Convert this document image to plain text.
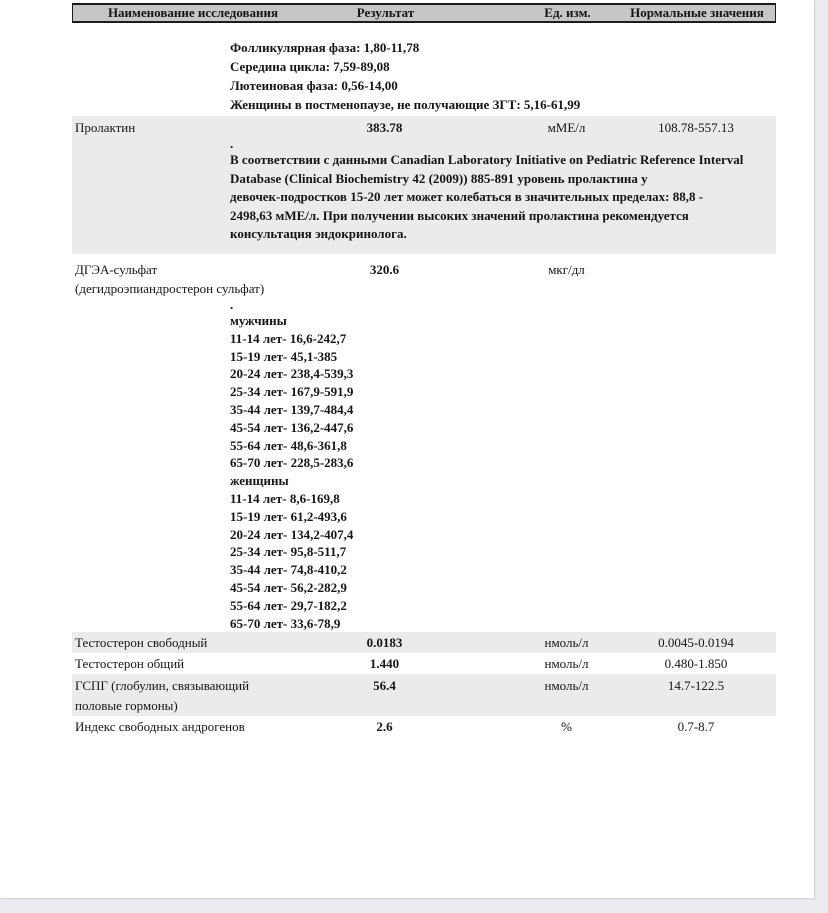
Наименование исследования	Результат	Ед. изм.	Нормальные значения
Фолликулярная фаза: 1,80-11,78
Середина цикла: 7,59-89,08
Лютеиновая фаза: 0,56-14,00
Женщины в постменопаузе, не получающие ЗГТ: 5,16-61,99
Пролактин	383.78	мМЕ/л	108.78-557.13
.
В соответствии с данными Canadian Laboratory Initiative on Pediatric Reference Interval
Database (Clinical Biochemistry 42 (2009)) 885-891 уровень пролактина у
девочек-подростков 15-20 лет может колебаться в значительных пределах: 88,8 -
2498,63 мМЕ/л. При получении высоких значений пролактина рекомендуется
консультация эндокринолога.
ДГЭА-сульфат	320.6	мкг/дл
(дегидроэпиандростерон сульфат)
.
мужчины
11-14 лет- 16,6-242,7
15-19 лет- 45,1-385
20-24 лет- 238,4-539,3
25-34 лет- 167,9-591,9
35-44 лет- 139,7-484,4
45-54 лет- 136,2-447,6
55-64 лет- 48,6-361,8
65-70 лет- 228,5-283,6
женщины
11-14 лет- 8,6-169,8
15-19 лет- 61,2-493,6
20-24 лет- 134,2-407,4
25-34 лет- 95,8-511,7
35-44 лет- 74,8-410,2
45-54 лет- 56,2-282,9
55-64 лет- 29,7-182,2
65-70 лет- 33,6-78,9
Тестостерон свободный	0.0183	нмоль/л	0.0045-0.0194
Тестостерон общий	1.440	нмоль/л	0.480-1.850
ГСПГ (глобулин, связывающий
половые гормоны)
56.4	нмоль/л	14.7-122.5
Индекс свободных андрогенов	2.6	%	0.7-8.7
